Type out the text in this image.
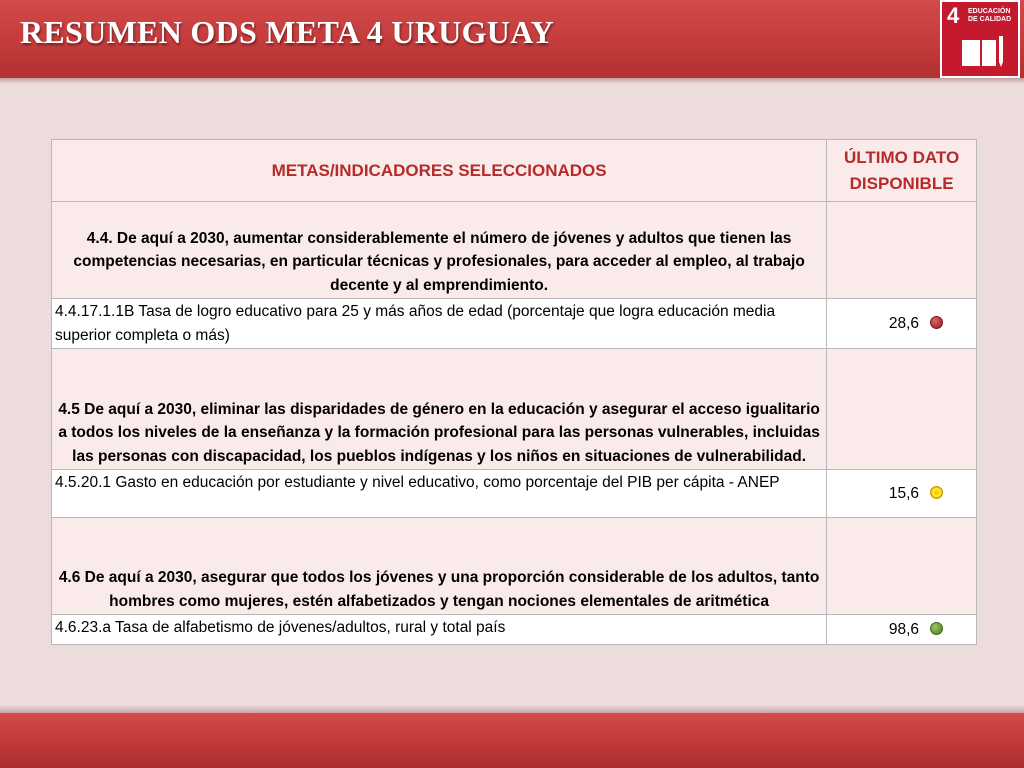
RESUMEN ODS META 4 URUGUAY	4 EDUCACIÓN DE CALIDAD
METAS/INDICADORES SELECCIONADOS	ÚLTIMO DATO DISPONIBLE
4.4. De aquí a 2030, aumentar considerablemente el número de jóvenes y adultos que tienen las competencias necesarias, en particular técnicas y profesionales, para acceder al empleo, al trabajo decente y al emprendimiento.	
4.4.17.1.1B Tasa de logro educativo para 25 y más años de edad (porcentaje que logra educación media superior completa o más)	28,6

4.5 De aquí a 2030, eliminar las disparidades de género en la educación y asegurar el acceso igualitario a todos los niveles de la enseñanza y la formación profesional para las personas vulnerables, incluidas las personas con discapacidad, los pueblos indígenas y los niños en situaciones de vulnerabilidad.	
4.5.20.1 Gasto en educación por estudiante y nivel educativo, como porcentaje del PIB per cápita - ANEP	15,6

4.6 De aquí a 2030, asegurar que todos los jóvenes y una proporción considerable de los adultos, tanto hombres como mujeres, estén alfabetizados y tengan nociones elementales de aritmética	
4.6.23.a Tasa de alfabetismo de jóvenes/adultos, rural y total país	98,6
